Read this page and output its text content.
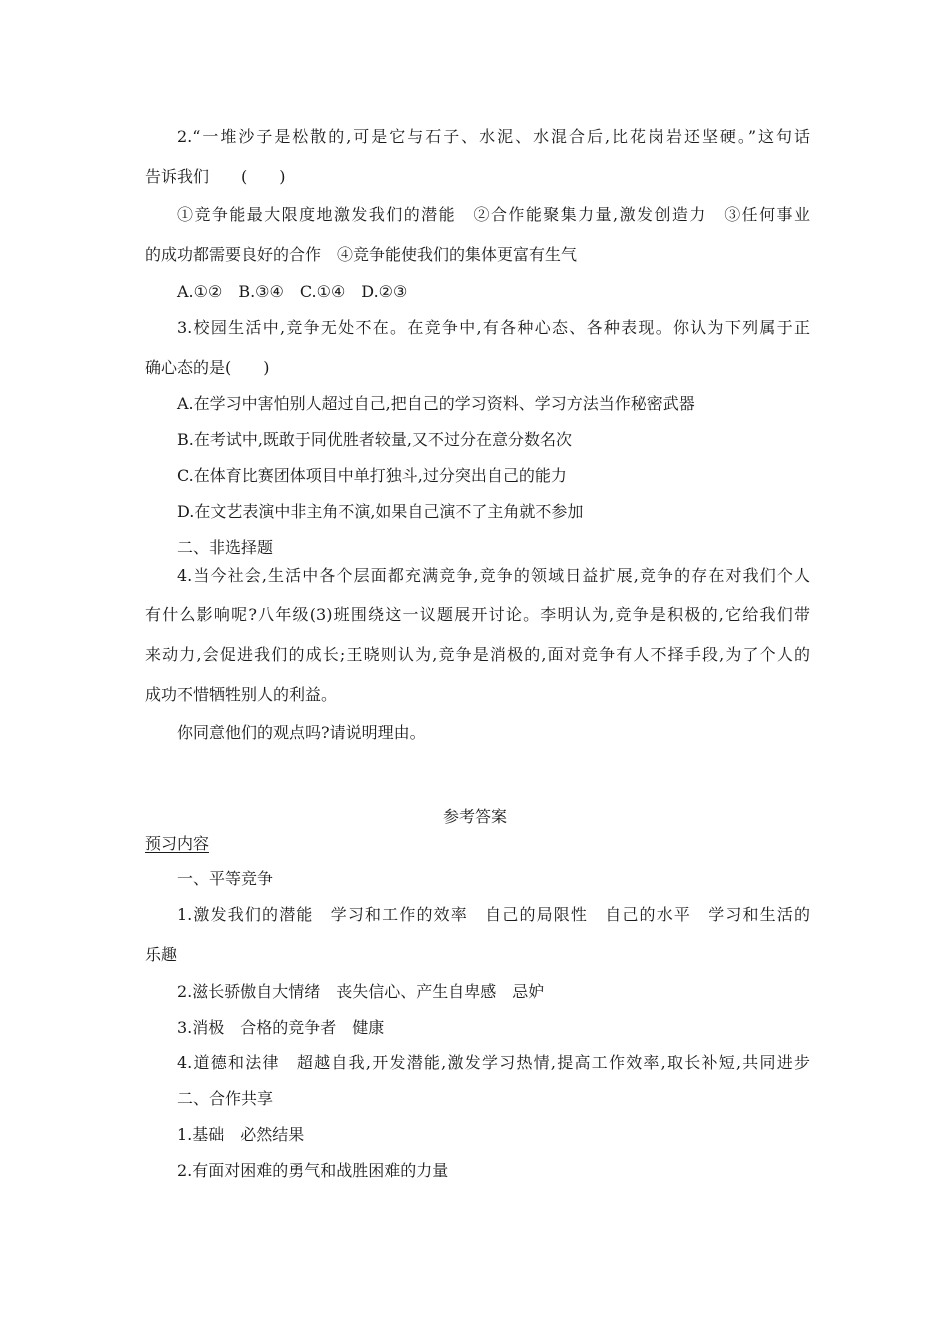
2.“一堆沙子是松散的,可是它与石子、水泥、水混合后,比花岗岩还坚硬。”这句话
告诉我们　　(　　)
①竞争能最大限度地激发我们的潜能　②合作能聚集力量,激发创造力　③任何事业
的成功都需要良好的合作　④竞争能使我们的集体更富有生气
A.①②　B.③④　C.①④　D.②③
3.校园生活中,竞争无处不在。在竞争中,有各种心态、各种表现。你认为下列属于正
确心态的是(　　)
A.在学习中害怕别人超过自己,把自己的学习资料、学习方法当作秘密武器
B.在考试中,既敢于同优胜者较量,又不过分在意分数名次
C.在体育比赛团体项目中单打独斗,过分突出自己的能力
D.在文艺表演中非主角不演,如果自己演不了主角就不参加
二、非选择题
4.当今社会,生活中各个层面都充满竞争,竞争的领域日益扩展,竞争的存在对我们个人
有什么影响呢?八年级(3)班围绕这一议题展开讨论。李明认为,竞争是积极的,它给我们带
来动力,会促进我们的成长;王晓则认为,竞争是消极的,面对竞争有人不择手段,为了个人的
成功不惜牺牲别人的利益。
你同意他们的观点吗?请说明理由。
参考答案
预习内容
一、平等竞争
1.激发我们的潜能　学习和工作的效率　自己的局限性　自己的水平　学习和生活的
乐趣
2.滋长骄傲自大情绪　丧失信心、产生自卑感　忌妒
3.消极　合格的竞争者　健康
4.道德和法律　超越自我,开发潜能,激发学习热情,提高工作效率,取长补短,共同进步
二、合作共享
1.基础　必然结果
2.有面对困难的勇气和战胜困难的力量
